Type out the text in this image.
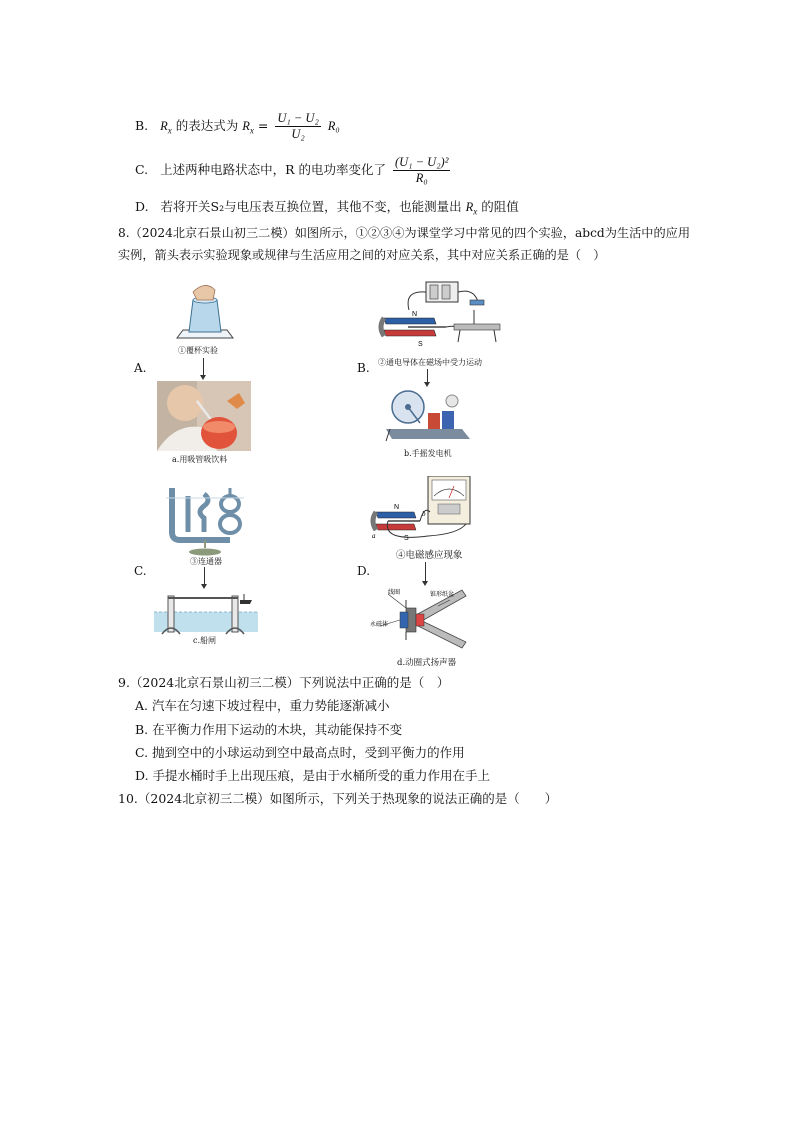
B. $R_x$ 的表达式为 $R_x = \frac{\text{U₁ − U₂}}{\text{U₂}} R_0$
C. 上述两种电路状态中，R 的电功率变化了 $\frac{\text{(U₁ − U₂)²}}{\text{R₀}}$
D. 若将开关S₂与电压表互换位置，其他不变，也能测量出 $R_x$ 的阻值
8.（2024北京石景山初三二模）如图所示，①②③④为课堂学习中常见的四个实验，abcd为生活中的应用
实例，箭头表示实验现象或规律与生活应用之间的对应关系，其中对应关系正确的是（　）
A.
①覆杯实验
a.用吸管吸饮料
B.
N
S
②通电导体在磁场中受力运动
b.手摇发电机
C.
③连通器
c.船闸
D.
N
S
a
b
④电磁感应现象
线圈	锥形纸盆
永磁体
d.动圈式扬声器
9.（2024北京石景山初三二模）下列说法中正确的是（　）
A. 汽车在匀速下坡过程中，重力势能逐渐减小
B. 在平衡力作用下运动的木块，其动能保持不变
C. 抛到空中的小球运动到空中最高点时，受到平衡力的作用
D. 手提水桶时手上出现压痕，是由于水桶所受的重力作用在手上
10.（2024北京初三二模）如图所示，下列关于热现象的说法正确的是（　　）
